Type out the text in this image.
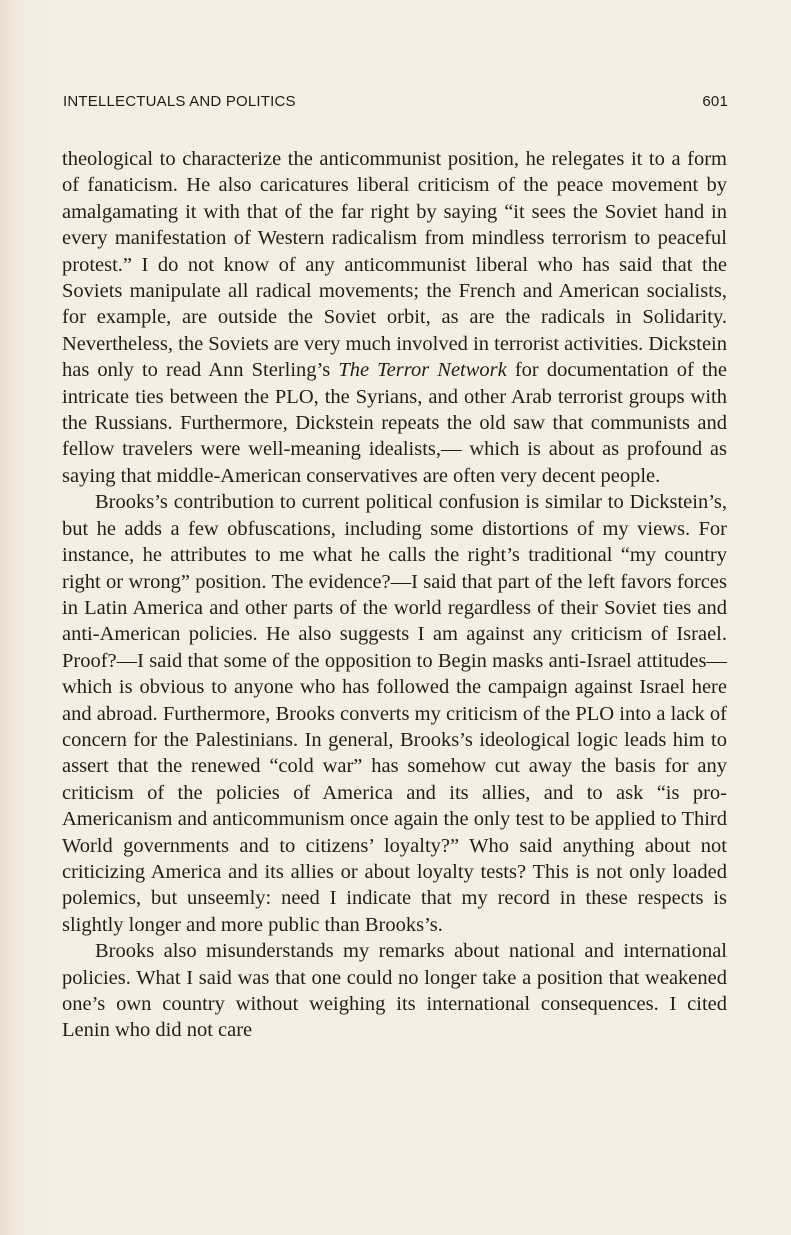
INTELLECTUALS AND POLITICS	601

theological to characterize the anticommunist position, he relegates it to a form of fanaticism. He also caricatures liberal criticism of the peace movement by amalgamating it with that of the far right by saying “it sees the Soviet hand in every manifestation of Western radicalism from mindless terrorism to peaceful protest.” I do not know of any anticommunist liberal who has said that the Soviets manipulate all radical movements; the French and American socialists, for example, are outside the Soviet orbit, as are the radicals in Solidarity. Nevertheless, the Soviets are very much involved in terrorist activities. Dickstein has only to read Ann Sterling’s The Terror Network for documentation of the intricate ties between the PLO, the Syrians, and other Arab terrorist groups with the Russians. Furthermore, Dickstein repeats the old saw that communists and fellow travelers were well-meaning idealists,— which is about as profound as saying that middle-American conservatives are often very decent people.

Brooks’s contribution to current political confusion is similar to Dickstein’s, but he adds a few obfuscations, including some distortions of my views. For instance, he attributes to me what he calls the right’s traditional “my country right or wrong” position. The evidence?—I said that part of the left favors forces in Latin America and other parts of the world regardless of their Soviet ties and anti-American policies. He also suggests I am against any criticism of Israel. Proof?—I said that some of the opposition to Begin masks anti-Israel attitudes—which is obvious to anyone who has followed the campaign against Israel here and abroad. Furthermore, Brooks converts my criticism of the PLO into a lack of concern for the Palestinians. In general, Brooks’s ideological logic leads him to assert that the renewed “cold war” has somehow cut away the basis for any criticism of the policies of America and its allies, and to ask “is pro-Americanism and anticommunism once again the only test to be applied to Third World governments and to citizens’ loyalty?” Who said anything about not criticizing America and its allies or about loyalty tests? This is not only loaded polemics, but unseemly: need I indicate that my record in these respects is slightly longer and more public than Brooks’s.

Brooks also misunderstands my remarks about national and international policies. What I said was that one could no longer take a position that weakened one’s own country without weighing its international consequences. I cited Lenin who did not care
